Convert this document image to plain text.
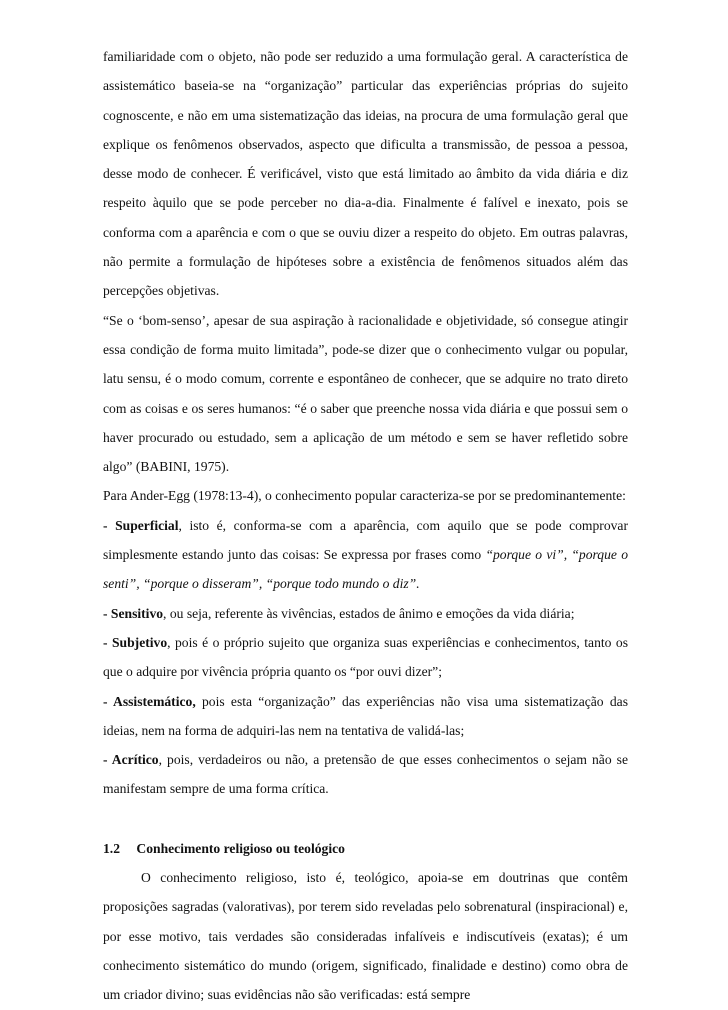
familiaridade com o objeto, não pode ser reduzido a uma formulação geral. A característica de assistemático baseia-se na “organização” particular das experiências próprias do sujeito cognoscente, e não em uma sistematização das ideias, na procura de uma formulação geral que explique os fenômenos observados, aspecto que dificulta a transmissão, de pessoa a pessoa, desse modo de conhecer. É verificável, visto que está limitado ao âmbito da vida diária e diz respeito àquilo que se pode perceber no dia-a-dia. Finalmente é falível e inexato, pois se conforma com a aparência e com o que se ouviu dizer a respeito do objeto. Em outras palavras, não permite a formulação de hipóteses sobre a existência de fenômenos situados além das percepções objetivas.

“Se o ‘bom-senso’, apesar de sua aspiração à racionalidade e objetividade, só consegue atingir essa condição de forma muito limitada”, pode-se dizer que o conhecimento vulgar ou popular, latu sensu, é o modo comum, corrente e espontâneo de conhecer, que se adquire no trato direto com as coisas e os seres humanos: “é o saber que preenche nossa vida diária e que possui sem o haver procurado ou estudado, sem a aplicação de um método e sem se haver refletido sobre algo” (BABINI, 1975).

Para Ander-Egg (1978:13-4), o conhecimento popular caracteriza-se por se predominantemente:

- Superficial, isto é, conforma-se com a aparência, com aquilo que se pode comprovar simplesmente estando junto das coisas: Se expressa por frases como “porque o vi”, “porque o senti”, “porque o disseram”, “porque todo mundo o diz”.

- Sensitivo, ou seja, referente às vivências, estados de ânimo e emoções da vida diária;

- Subjetivo, pois é o próprio sujeito que organiza suas experiências e conhecimentos, tanto os que o adquire por vivência própria quanto os “por ouvi dizer”;

- Assistemático, pois esta “organização” das experiências não visa uma sistematização das ideias, nem na forma de adquiri-las nem na tentativa de validá-las;

- Acrítico, pois, verdadeiros ou não, a pretensão de que esses conhecimentos o sejam não se manifestam sempre de uma forma crítica.

1.2 Conhecimento religioso ou teológico

O conhecimento religioso, isto é, teológico, apoia-se em doutrinas que contêm proposições sagradas (valorativas), por terem sido reveladas pelo sobrenatural (inspiracional) e, por esse motivo, tais verdades são consideradas infalíveis e indiscutíveis (exatas); é um conhecimento sistemático do mundo (origem, significado, finalidade e destino) como obra de um criador divino; suas evidências não são verificadas: está sempre
